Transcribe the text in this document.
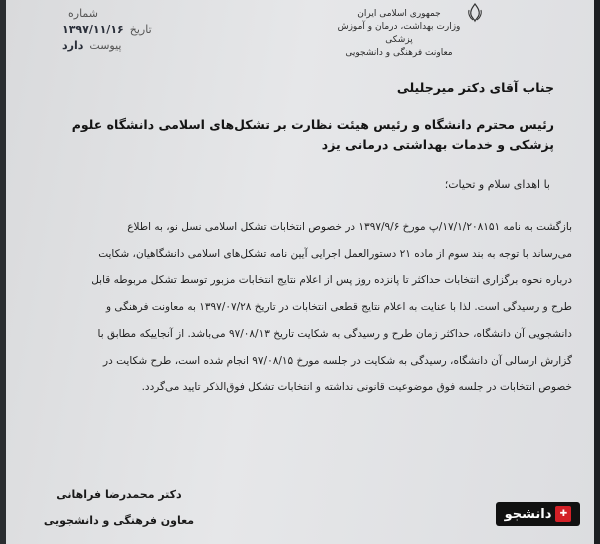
جمهوری اسلامی ایران
وزارت بهداشت، درمان و آموزش پزشکی
معاونت فرهنگی و دانشجویی
شماره
تاریخ
۱۳۹۷/۱۱/۱۶
پیوست
دارد
جناب آقای دکتر میرجلیلی
رئیس محترم دانشگاه و رئیس هیئت نظارت بر تشکل‌های اسلامی دانشگاه علوم پزشکی و خدمات بهداشتی درمانی یزد
با اهدای سلام و تحیات؛

بازگشت به نامه ۱۷/۱/۲۰۸۱۵۱/پ مورخ ۱۳۹۷/۹/۶ در خصوص انتخابات تشکل اسلامی نسل نو، به اطلاع

می‌رساند با توجه به بند سوم از ماده ۲۱ دستورالعمل اجرایی آیین نامه تشکل‌های اسلامی دانشگاهیان، شکایت

درباره نحوه برگزاری انتخابات حداکثر تا پانزده روز پس از اعلام نتایج انتخابات مزبور توسط تشکل مربوطه قابل

طرح و رسیدگی است. لذا با عنایت به اعلام نتایج قطعی انتخابات در تاریخ ۱۳۹۷/۰۷/۲۸ به معاونت فرهنگی و

دانشجویی آن دانشگاه، حداکثر زمان طرح و رسیدگی به شکایت تاریخ ۹۷/۰۸/۱۳ می‌باشد. از آنجاییکه مطابق با

گزارش ارسالی آن دانشگاه، رسیدگی به شکایت در جلسه مورخ ۹۷/۰۸/۱۵ انجام شده است، طرح شکایت در

خصوص انتخابات در جلسه فوق موضوعیت قانونی نداشته و انتخابات تشکل فوق‌الذکر تایید می‌گردد.

دکتر محمدرضا فراهانی
معاون فرهنگی و دانشجویی	✚
دانشجو
